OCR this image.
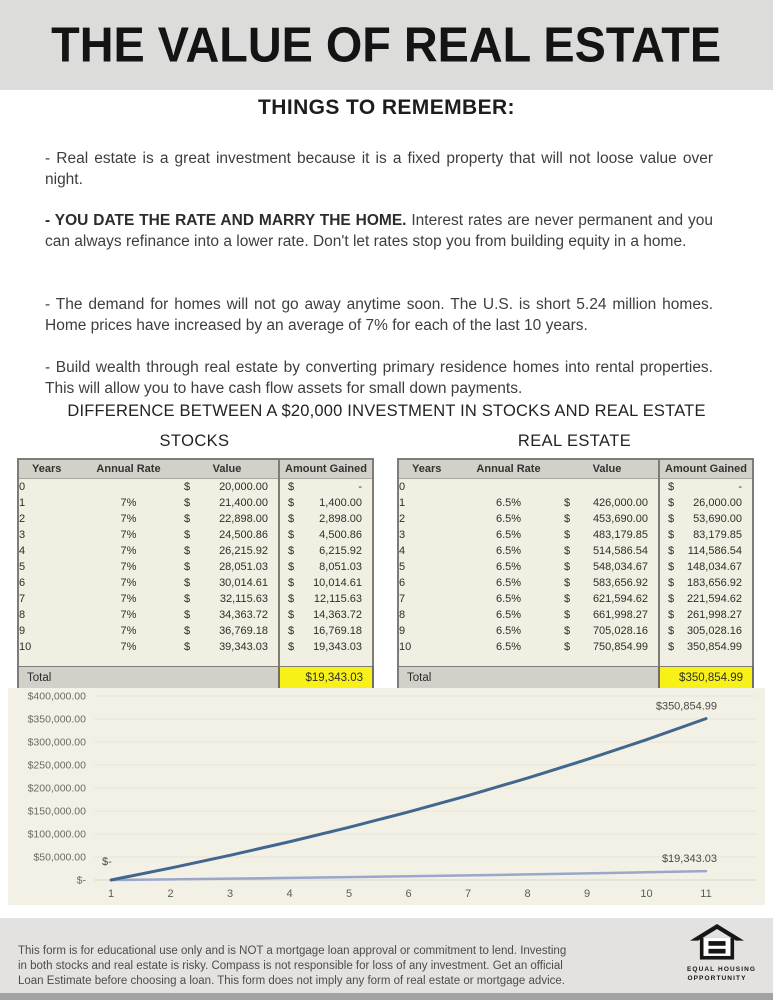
THE VALUE OF REAL ESTATE
THINGS TO REMEMBER:

- Real estate is a great investment because it is a fixed property that will not loose value over night.

- YOU DATE THE RATE AND MARRY THE HOME. Interest rates are never permanent and you can always refinance into a lower rate. Don't let rates stop you from building equity in a home.

- The demand for homes will not go away anytime soon. The U.S. is short 5.24 million homes. Home prices have increased by an average of 7% for each of the last 10 years.

- Build wealth through real estate by converting primary residence homes into rental properties. This will allow you to have cash flow assets for small down payments.

DIFFERENCE BETWEEN A $20,000 INVESTMENT IN STOCKS AND REAL ESTATE
STOCKS	REAL ESTATE
Years	Annual Rate	Value	Amount Gained
0		$ 20,000.00	$ -

1	7%	$ 21,400.00	$ 1,400.00

2	7%	$ 22,898.00	$ 2,898.00

3	7%	$ 24,500.86	$ 4,500.86

4	7%	$ 26,215.92	$ 6,215.92

5	7%	$ 28,051.03	$ 8,051.03

6	7%	$ 30,014.61	$ 10,014.61

7	7%	$ 32,115.63	$ 12,115.63

8	7%	$ 34,363.72	$ 14,363.72

9	7%	$ 36,769.18	$ 16,769.18

10	7%	$ 39,343.03	$ 19,343.03

Total			$19,343.03
Years	Annual Rate	Value	Amount Gained
0			$ -

1	6.5%	$ 426,000.00	$ 26,000.00

2	6.5%	$ 453,690.00	$ 53,690.00

3	6.5%	$ 483,179.85	$ 83,179.85

4	6.5%	$ 514,586.54	$ 114,586.54

5	6.5%	$ 548,034.67	$ 148,034.67

6	6.5%	$ 583,656.92	$ 183,656.92

7	6.5%	$ 621,594.62	$ 221,594.62

8	6.5%	$ 661,998.27	$ 261,998.27

9	6.5%	$ 705,028.16	$ 305,028.16

10	6.5%	$ 750,854.99	$ 350,854.99

Total			$350,854.99
$-
$50,000.00
$100,000.00
$150,000.00
$200,000.00
$250,000.00
$300,000.00
$350,000.00
$400,000.00
1	2	3	4	5	6	7	8	9	10	11
$350,854.99
$19,343.03
$-

This form is for educational use only and is NOT a mortgage loan approval or commitment to lend. Investing in both stocks and real estate is risky. Compass is not responsible for loss of any investment. Get an official Loan Estimate before choosing a loan. This form does not imply any form of real estate or mortgage advice.

EQUAL HOUSING
OPPORTUNITY
